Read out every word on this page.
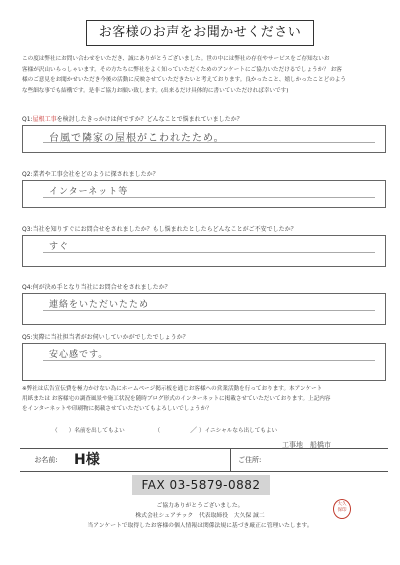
お客様のお声をお聞かせください

この度は弊社にお問い合わせをいただき、誠にありがとうございました。世の中には弊社の存在やサービスをご存知ないお

客様が沢山いらっしゃいます。その方たちに弊社をよく知っていただくためのアンケートにご協力いただけるでしょうか？ お客

様のご意見をお聞かせいただき今後の活動に反映させていただきたいと考えております。良かったこと、嬉しかったことどのよう

な些細な事でも結構です。是非ご協力お願い致します。(出来るだけ具体的に書いていただければ幸いです)

Q1:屋根工事を検討したきっかけは何ですか？どんなことで悩まれていましたか？
台風で隣家の屋根がこわれたため。
Q2:業者や工事会社をどのように探されましたか？
インターネット等
Q3:当社を知りすぐにお問合せをされましたか？もし悩まれたとしたらどんなことがご不安でしたか？
すぐ
Q4:何が決め手となり当社にお問合せをされましたか？
連絡をいただいたため
Q5:実際に当社担当者がお伺いしていかがでしたでしょうか？
安心感です。

※弊社は広告宣伝費を極力かけない為にホームページ掲示板を通じお客様への営業活動を行っております。本アンケート

用紙または お客様宅の調査風景や施工状況を随時ブログ形式のインターネットに掲載させていただいております。上記内容

をインターネットや印刷物に掲載させていただいてもよろしいでしょうか？

（　　）名前を出してもよい	（	／ ）イニシャルなら出してもよい
工事地　船橋市
お名前:	H様	ご住所:
FAX 03-5879-0882
ご協力ありがとうございました。
株式会社シェアテック　代表取締役　大久保 誠二
当アンケートで取得したお客様の個人情報は関係法規に基づき厳正に管理いたします。
大久
保印
